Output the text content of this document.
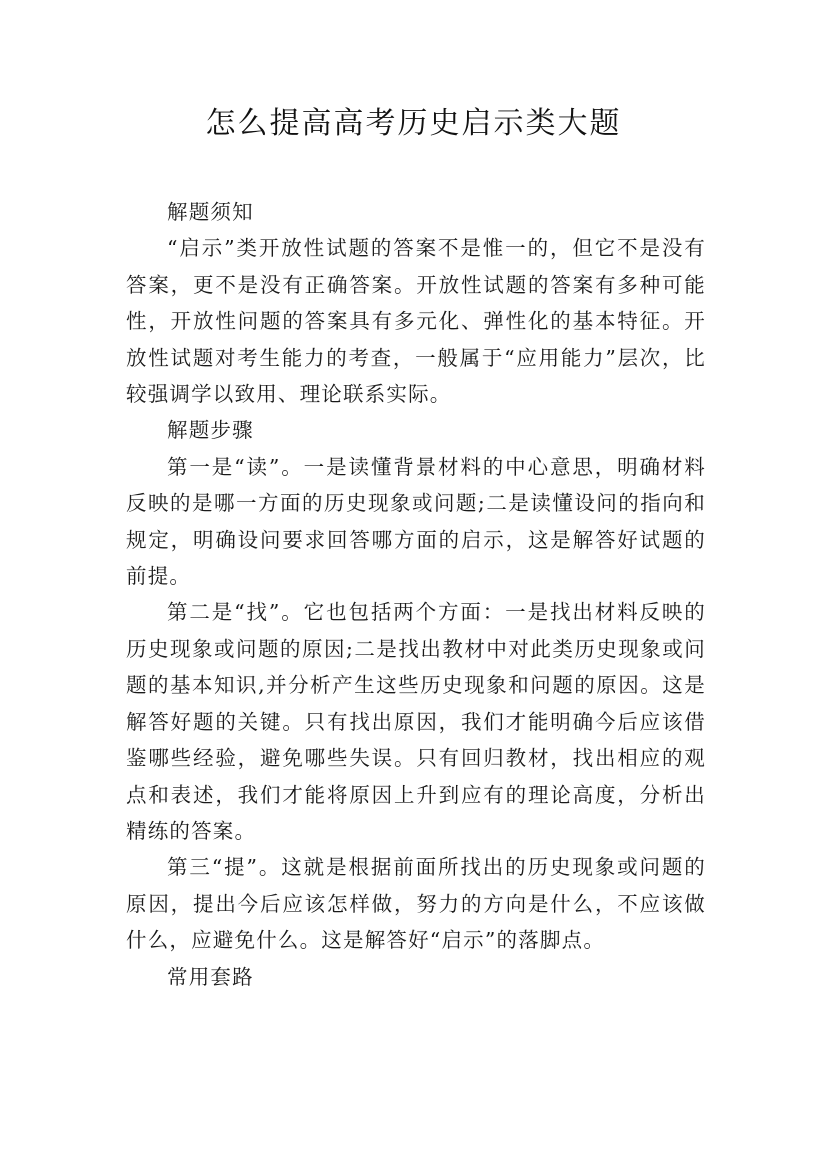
怎么提高高考历史启示类大题
解题须知

“启示”类开放性试题的答案不是惟一的，但它不是没有答案，更不是没有正确答案。开放性试题的答案有多种可能性，开放性问题的答案具有多元化、弹性化的基本特征。开放性试题对考生能力的考查，一般属于“应用能力”层次，比较强调学以致用、理论联系实际。

解题步骤

第一是“读”。一是读懂背景材料的中心意思，明确材料反映的是哪一方面的历史现象或问题;二是读懂设问的指向和规定，明确设问要求回答哪方面的启示，这是解答好试题的前提。

第二是“找”。它也包括两个方面：一是找出材料反映的历史现象或问题的原因;二是找出教材中对此类历史现象或问题的基本知识,并分析产生这些历史现象和问题的原因。这是解答好题的关键。只有找出原因，我们才能明确今后应该借鉴哪些经验，避免哪些失误。只有回归教材，找出相应的观点和表述，我们才能将原因上升到应有的理论高度，分析出精练的答案。

第三“提”。这就是根据前面所找出的历史现象或问题的原因，提出今后应该怎样做，努力的方向是什么，不应该做什么，应避免什么。这是解答好“启示”的落脚点。

常用套路
